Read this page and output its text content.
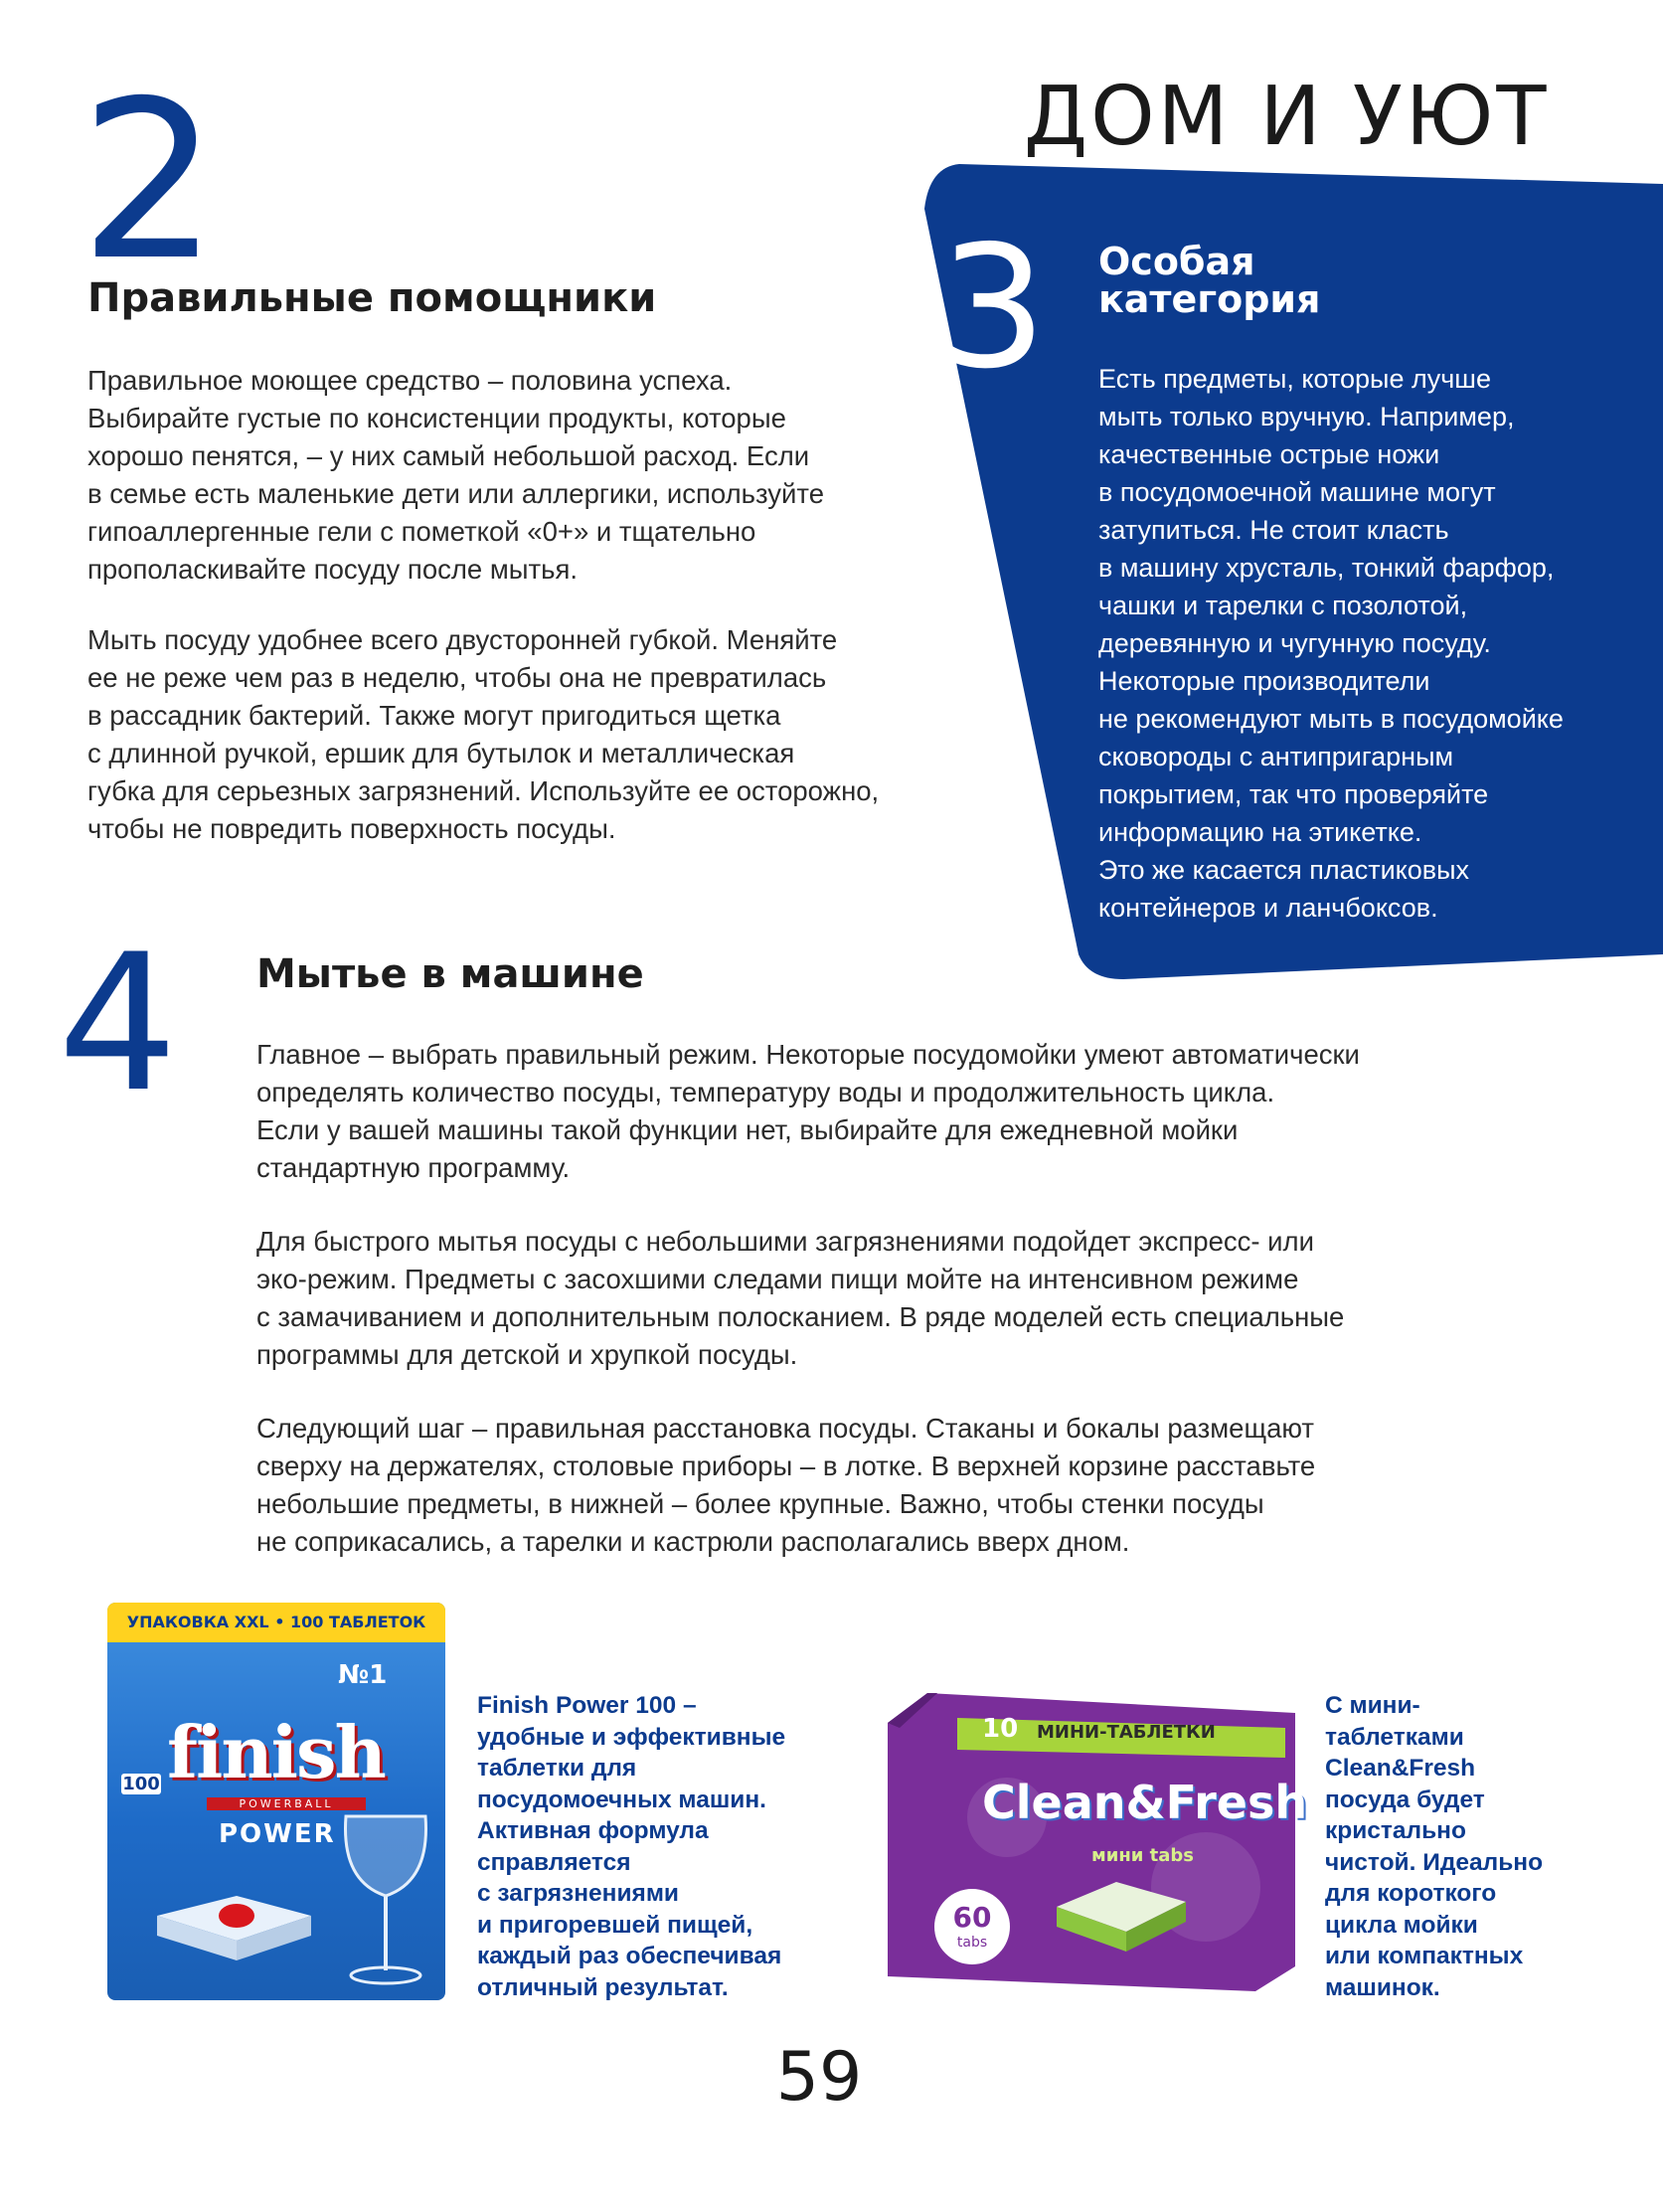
ДОМ И УЮТ
2
Правильные помощники

Правильное моющее средство – половина успеха.
Выбирайте густые по консистенции продукты, которые
хорошо пенятся, – у них самый небольшой расход. Если
в семье есть маленькие дети или аллергики, используйте
гипоаллергенные гели с пометкой «0+» и тщательно прополаскивайте посуду после мытья.

Мыть посуду удобнее всего двусторонней губкой. Меняйте
ее не реже чем раз в неделю, чтобы она не превратилась
в рассадник бактерий. Также могут пригодиться щетка
с длинной ручкой, ершик для бутылок и металлическая
губка для серьезных загрязнений. Используйте ее осторожно, чтобы не повредить поверхность посуды.

3 Особая
категория

Есть предметы, которые лучше
мыть только вручную. Например,
качественные острые ножи
в посудомоечной машине могут
затупиться. Не стоит класть
в машину хрусталь, тонкий фарфор, чашки и тарелки с позолотой,
деревянную и чугунную посуду.
Некоторые производители
не рекомендуют мыть в посудомойке сковороды с антипригарным покрытием, так что проверяйте информацию на этикетке.
Это же касается пластиковых контейнеров и ланчбоксов.

4 Мытье в машине

Главное – выбрать правильный режим. Некоторые посудомойки умеют автоматически определять количество посуды, температуру воды и продолжительность цикла.
Если у вашей машины такой функции нет, выбирайте для ежедневной мойки стандартную программу.

Для быстрого мытья посуды с небольшими загрязнениями подойдет экспресс- или
эко-режим. Предметы с засохшими следами пищи мойте на интенсивном режиме
с замачиванием и дополнительным полосканием. В ряде моделей есть специальные
программы для детской и хрупкой посуды.

Следующий шаг – правильная расстановка посуды. Стаканы и бокалы размещают
сверху на держателях, столовые приборы – в лотке. В верхней корзине расставьте
небольшие предметы, в нижней – более крупные. Важно, чтобы стенки посуды
не соприкасались, а тарелки и кастрюли располагались вверх дном.

УПАКОВКА XXL • 100 ТАБЛЕТОК
№1
finish
POWERBALL
POWER
100

Finish Power 100 –
удобные и эффективные
таблетки для
посудомоечных машин.
Активная формула
справляется
с загрязнениями
и пригоревшей пищей,
каждый раз обеспечивая
отличный результат.

10 МИНИ-ТАБЛЕТКИ
Clean&Fresh
мини tabs
60
tabs

С мини-
таблетками
Clean&Fresh
посуда будет
кристально
чистой. Идеально
для короткого
цикла мойки
или компактных
машинок.

59
